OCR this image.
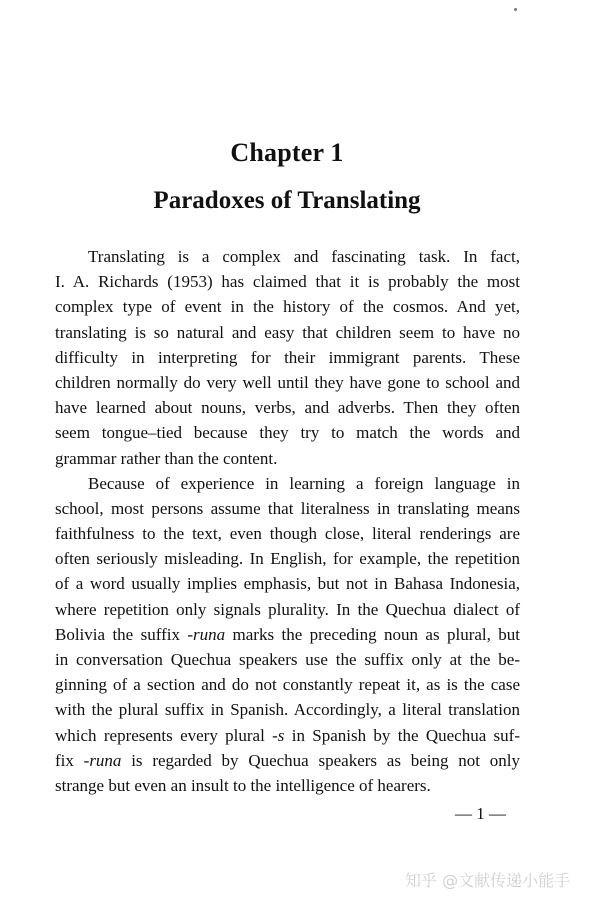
Chapter 1
Paradoxes of Translating
Translating is a complex and fascinating task. In fact,
I. A. Richards (1953) has claimed that it is probably the most
complex type of event in the history of the cosmos. And yet,
translating is so natural and easy that children seem to have no
difficulty in interpreting for their immigrant parents. These
children normally do very well until they have gone to school and
have learned about nouns, verbs, and adverbs. Then they often
seem tongue–tied because they try to match the words and
grammar rather than the content.
Because of experience in learning a foreign language in
school, most persons assume that literalness in translating means
faithfulness to the text, even though close, literal renderings are
often seriously misleading. In English, for example, the repetition
of a word usually implies emphasis, but not in Bahasa Indonesia,
where repetition only signals plurality. In the Quechua dialect of
Bolivia the suffix -runa marks the preceding noun as plural, but
in conversation Quechua speakers use the suffix only at the be-
ginning of a section and do not constantly repeat it, as is the case
with the plural suffix in Spanish. Accordingly, a literal translation
which represents every plural -s in Spanish by the Quechua suf-
fix -runa is regarded by Quechua speakers as being not only
strange but even an insult to the intelligence of hearers.
— 1 —
知乎 @文献传递小能手
